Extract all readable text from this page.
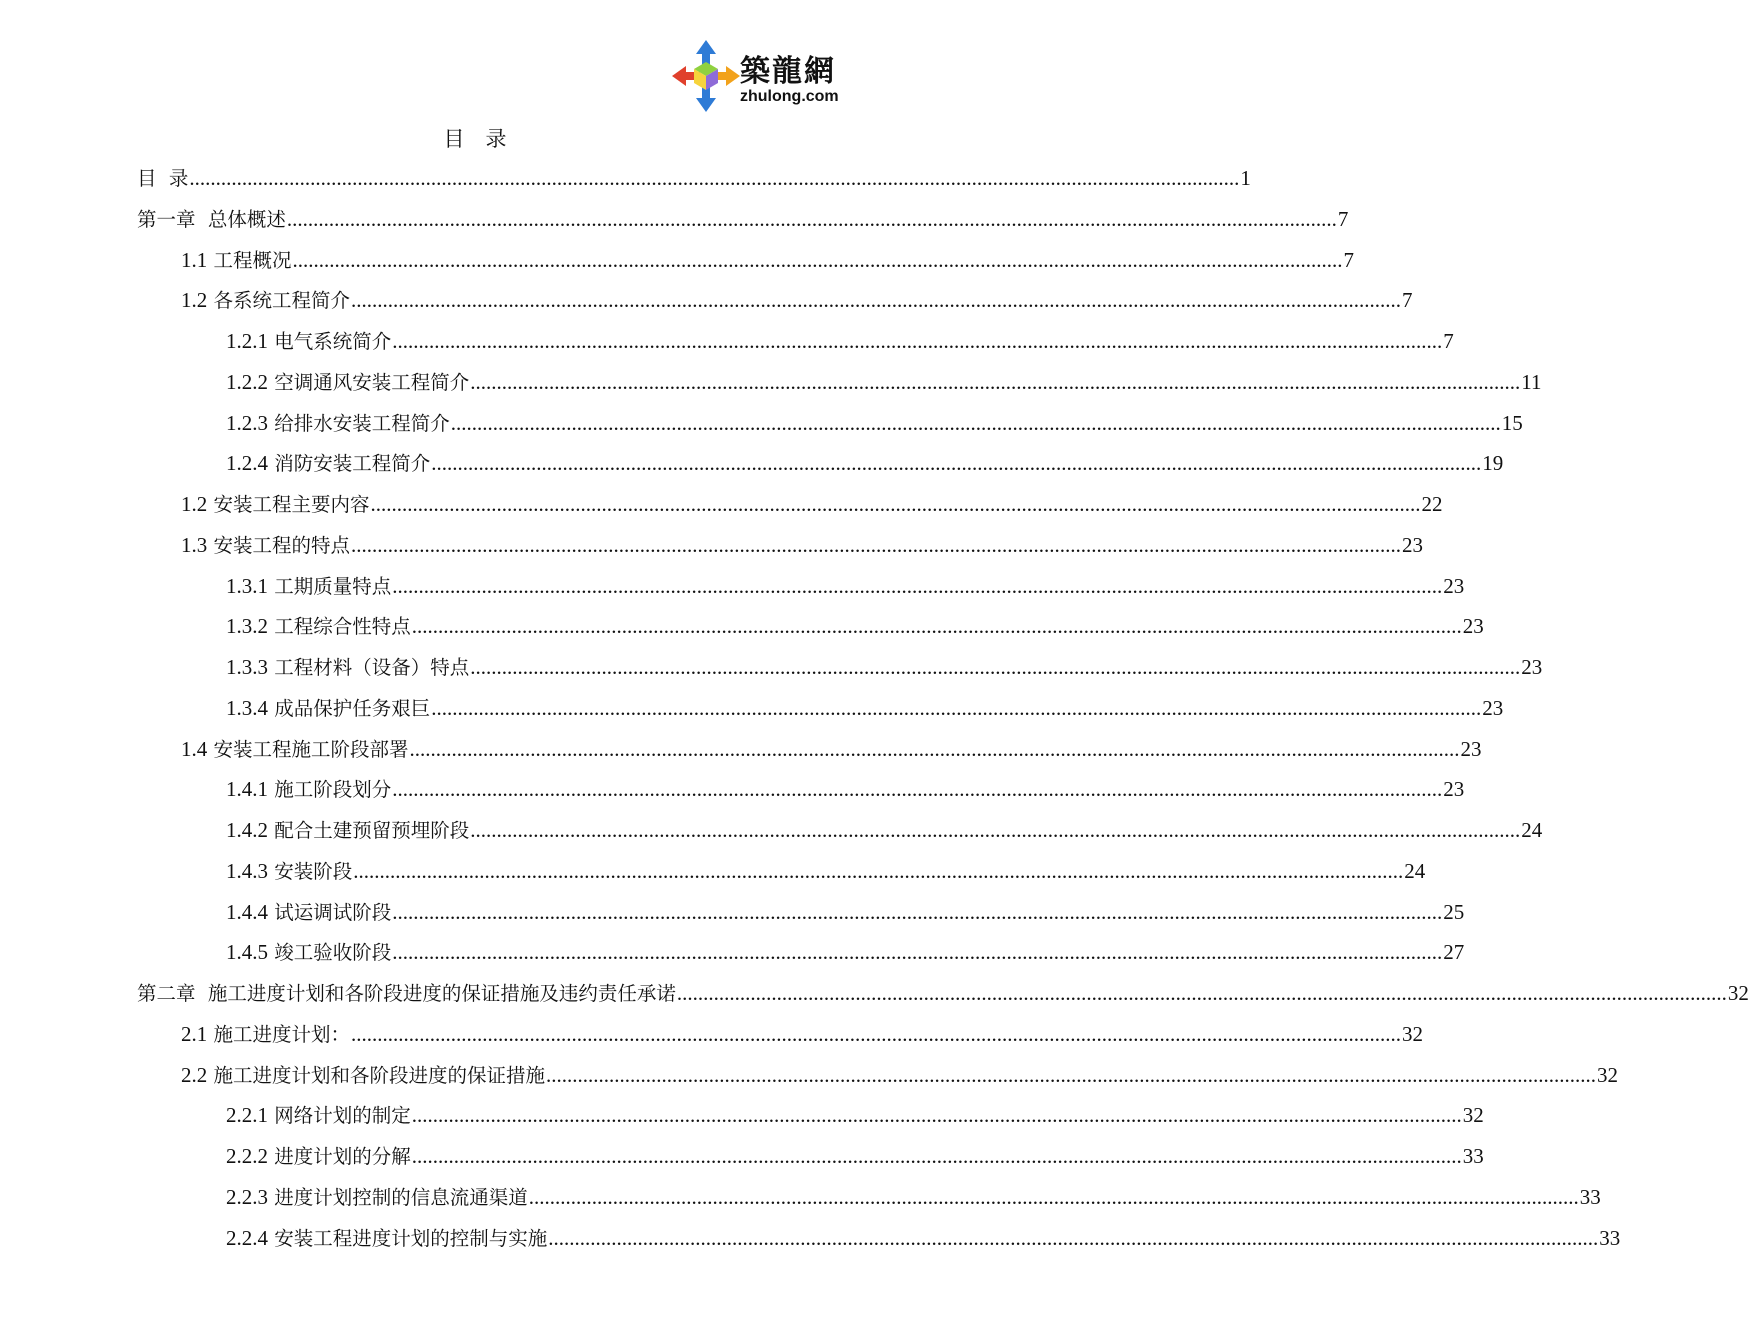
築龍網
zhulong.com
目　录
目  录 ........................................................................................................................................................................................................ 1
第一章  总体概述 ........................................................................................................................................................................................................ 7
1.1
工程概况 ........................................................................................................................................................................................................ 7
1.2
各系统工程简介 ........................................................................................................................................................................................................ 7
1.2.1
电气系统简介 ........................................................................................................................................................................................................ 7
1.2.2
空调通风安装工程简介 ........................................................................................................................................................................................................ 11
1.2.3
给排水安装工程简介 ........................................................................................................................................................................................................ 15
1.2.4
消防安装工程简介 ........................................................................................................................................................................................................ 19
1.2
安装工程主要内容 ........................................................................................................................................................................................................ 22
1.3
安装工程的特点 ........................................................................................................................................................................................................ 23
1.3.1
工期质量特点 ........................................................................................................................................................................................................ 23
1.3.2
工程综合性特点 ........................................................................................................................................................................................................ 23
1.3.3
工程材料（设备）特点 ........................................................................................................................................................................................................ 23
1.3.4
成品保护任务艰巨 ........................................................................................................................................................................................................ 23
1.4
安装工程施工阶段部署 ........................................................................................................................................................................................................ 23
1.4.1
施工阶段划分 ........................................................................................................................................................................................................ 23
1.4.2
配合土建预留预埋阶段 ........................................................................................................................................................................................................ 24
1.4.3
安装阶段 ........................................................................................................................................................................................................ 24
1.4.4
试运调试阶段 ........................................................................................................................................................................................................ 25
1.4.5
竣工验收阶段 ........................................................................................................................................................................................................ 27
第二章  施工进度计划和各阶段进度的保证措施及违约责任承诺 ........................................................................................................................................................................................................ 32
2.1
施工进度计划： ........................................................................................................................................................................................................ 32
2.2
施工进度计划和各阶段进度的保证措施 ........................................................................................................................................................................................................ 32
2.2.1
网络计划的制定 ........................................................................................................................................................................................................ 32
2.2.2
进度计划的分解 ........................................................................................................................................................................................................ 33
2.2.3
进度计划控制的信息流通渠道 ........................................................................................................................................................................................................ 33
2.2.4
安装工程进度计划的控制与实施 ........................................................................................................................................................................................................ 33
